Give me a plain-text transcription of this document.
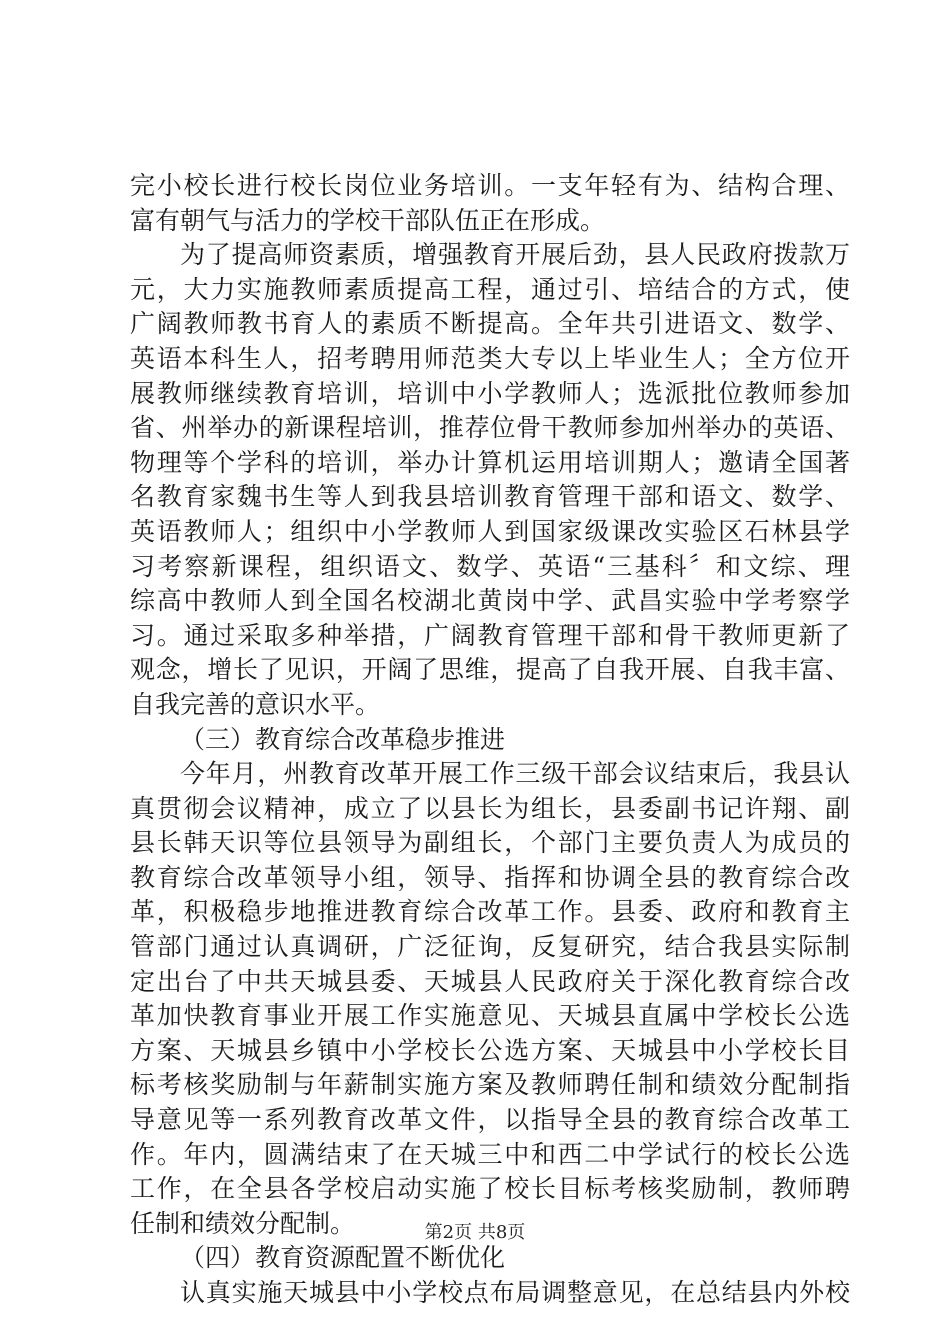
完小校长进行校长岗位业务培训。一支年轻有为、结构合理、
富有朝气与活力的学校干部队伍正在形成。
为了提高师资素质，增强教育开展后劲，县人民政府拨款万
元，大力实施教师素质提高工程，通过引、培结合的方式，使
广阔教师教书育人的素质不断提高。全年共引进语文、数学、
英语本科生人，招考聘用师范类大专以上毕业生人；全方位开
展教师继续教育培训，培训中小学教师人；选派批位教师参加
省、州举办的新课程培训，推荐位骨干教师参加州举办的英语、
物理等个学科的培训，举办计算机运用培训期人；邀请全国著
名教育家魏书生等人到我县培训教育管理干部和语文、数学、
英语教师人；组织中小学教师人到国家级课改实验区石林县学
习考察新课程，组织语文、数学、英语“三基科〞和文综、理
综高中教师人到全国名校湖北黄岗中学、武昌实验中学考察学
习。通过采取多种举措，广阔教育管理干部和骨干教师更新了
观念，增长了见识，开阔了思维，提高了自我开展、自我丰富、
自我完善的意识水平。
（三）教育综合改革稳步推进
今年月，州教育改革开展工作三级干部会议结束后，我县认
真贯彻会议精神，成立了以县长为组长，县委副书记许翔、副
县长韩天识等位县领导为副组长，个部门主要负责人为成员的
教育综合改革领导小组，领导、指挥和协调全县的教育综合改
革，积极稳步地推进教育综合改革工作。县委、政府和教育主
管部门通过认真调研，广泛征询，反复研究，结合我县实际制
定出台了中共天城县委、天城县人民政府关于深化教育综合改
革加快教育事业开展工作实施意见、天城县直属中学校长公选
方案、天城县乡镇中小学校长公选方案、天城县中小学校长目
标考核奖励制与年薪制实施方案及教师聘任制和绩效分配制指
导意见等一系列教育改革文件，以指导全县的教育综合改革工
作。年内，圆满结束了在天城三中和西二中学试行的校长公选
工作，在全县各学校启动实施了校长目标考核奖励制，教师聘
任制和绩效分配制。
（四）教育资源配置不断优化
认真实施天城县中小学校点布局调整意见，在总结县内外校
第2页 共8页
